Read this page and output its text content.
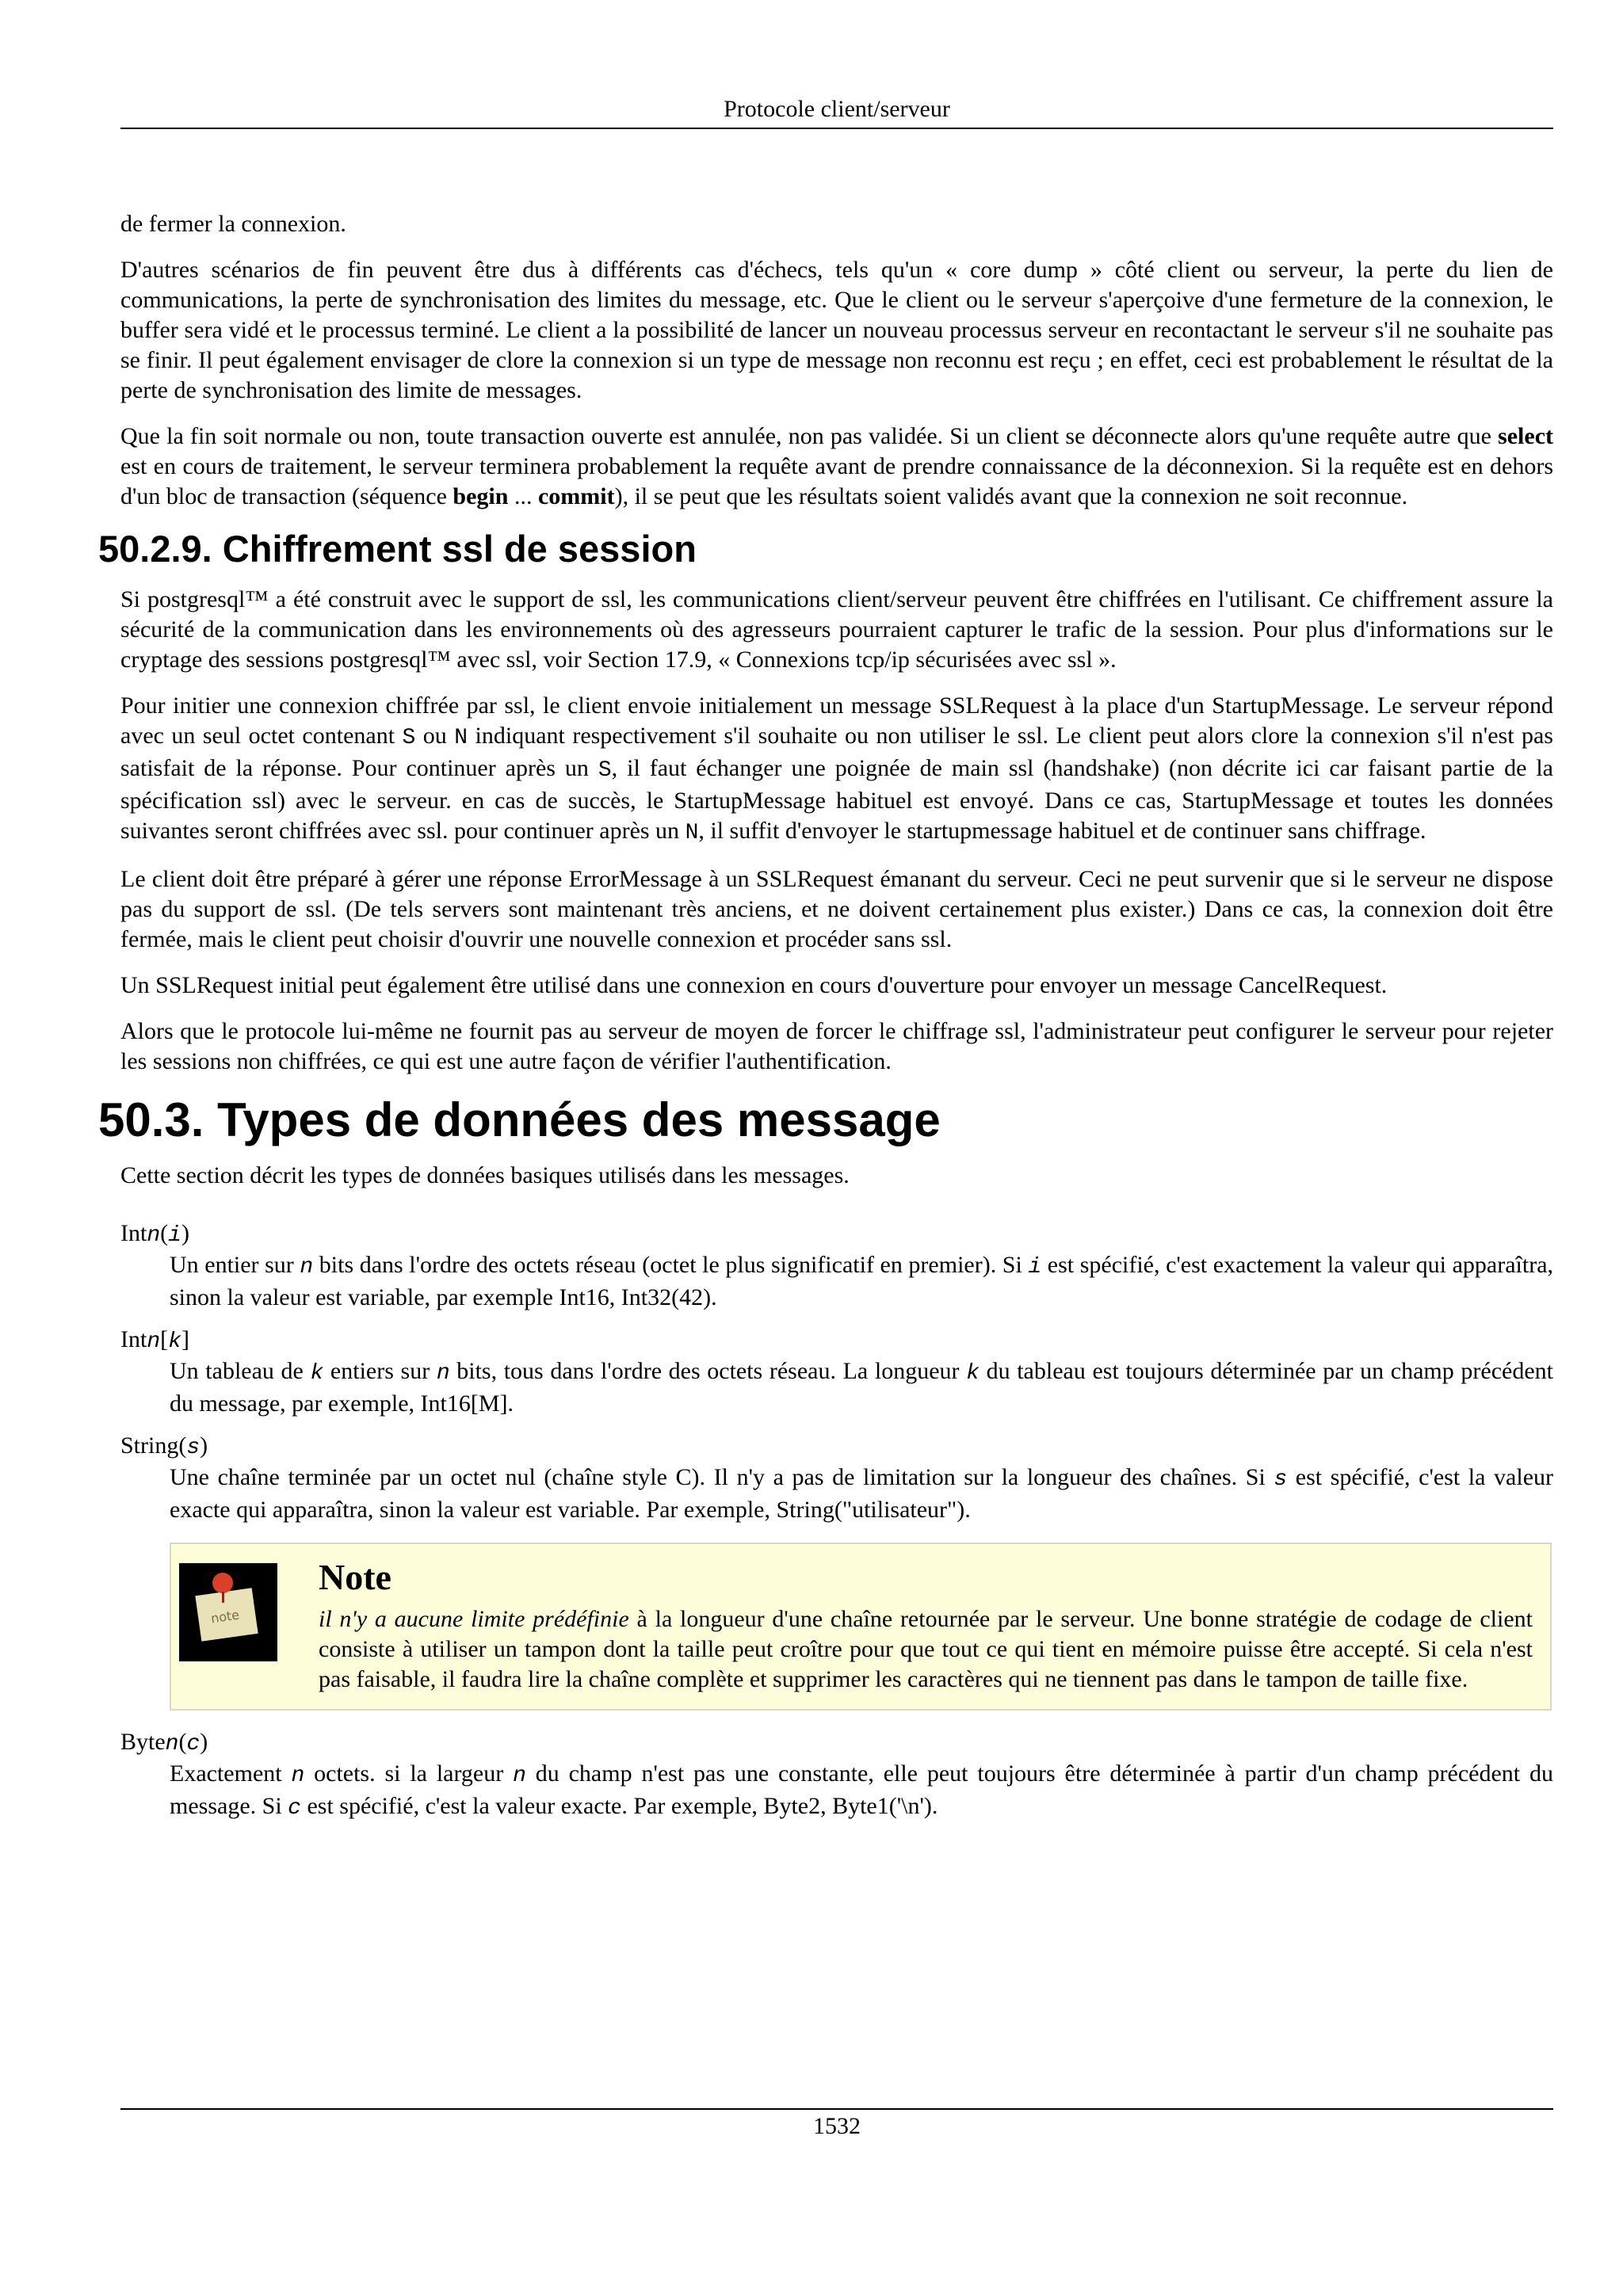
Protocole client/serveur

de fermer la connexion.

D'autres scénarios de fin peuvent être dus à différents cas d'échecs, tels qu'un « core dump » côté client ou serveur, la perte du lien de communications, la perte de synchronisation des limites du message, etc. Que le client ou le serveur s'aperçoive d'une fermeture de la connexion, le buffer sera vidé et le processus terminé. Le client a la possibilité de lancer un nouveau processus serveur en recontactant le serveur s'il ne souhaite pas se finir. Il peut également envisager de clore la connexion si un type de message non reconnu est reçu ; en effet, ceci est probablement le résultat de la perte de synchronisation des limite de messages.

Que la fin soit normale ou non, toute transaction ouverte est annulée, non pas validée. Si un client se déconnecte alors qu'une requête autre que select est en cours de traitement, le serveur terminera probablement la requête avant de prendre connaissance de la déconnexion. Si la requête est en dehors d'un bloc de transaction (séquence begin ... commit), il se peut que les résultats soient validés avant que la connexion ne soit reconnue.

50.2.9. Chiffrement ssl de session

Si postgresql™ a été construit avec le support de ssl, les communications client/serveur peuvent être chiffrées en l'utilisant. Ce chiffrement assure la sécurité de la communication dans les environnements où des agresseurs pourraient capturer le trafic de la session. Pour plus d'informations sur le cryptage des sessions postgresql™ avec ssl, voir Section 17.9, « Connexions tcp/ip sécurisées avec ssl ».

Pour initier une connexion chiffrée par ssl, le client envoie initialement un message SSLRequest à la place d'un StartupMessage. Le serveur répond avec un seul octet contenant S ou N indiquant respectivement s'il souhaite ou non utiliser le ssl. Le client peut alors clore la connexion s'il n'est pas satisfait de la réponse. Pour continuer après un S, il faut échanger une poignée de main ssl (handshake) (non décrite ici car faisant partie de la spécification ssl) avec le serveur. en cas de succès, le StartupMessage habituel est envoyé. Dans ce cas, StartupMessage et toutes les données suivantes seront chiffrées avec ssl. pour continuer après un N, il suffit d'envoyer le startupmessage habituel et de continuer sans chiffrage.

Le client doit être préparé à gérer une réponse ErrorMessage à un SSLRequest émanant du serveur. Ceci ne peut survenir que si le serveur ne dispose pas du support de ssl. (De tels servers sont maintenant très anciens, et ne doivent certainement plus exister.) Dans ce cas, la connexion doit être fermée, mais le client peut choisir d'ouvrir une nouvelle connexion et procéder sans ssl.

Un SSLRequest initial peut également être utilisé dans une connexion en cours d'ouverture pour envoyer un message CancelRequest.

Alors que le protocole lui-même ne fournit pas au serveur de moyen de forcer le chiffrage ssl, l'administrateur peut configurer le serveur pour rejeter les sessions non chiffrées, ce qui est une autre façon de vérifier l'authentification.

50.3. Types de données des message

Cette section décrit les types de données basiques utilisés dans les messages.

Intn(i)
Un entier sur n bits dans l'ordre des octets réseau (octet le plus significatif en premier). Si i est spécifié, c'est exactement la valeur qui apparaîtra, sinon la valeur est variable, par exemple Int16, Int32(42).
Intn[k]
Un tableau de k entiers sur n bits, tous dans l'ordre des octets réseau. La longueur k du tableau est toujours déterminée par un champ précédent du message, par exemple, Int16[M].
String(s)
Une chaîne terminée par un octet nul (chaîne style C). Il n'y a pas de limitation sur la longueur des chaînes. Si s est spécifié, c'est la valeur exacte qui apparaîtra, sinon la valeur est variable. Par exemple, String("utilisateur").
note
Note

il n'y a aucune limite prédéfinie à la longueur d'une chaîne retournée par le serveur. Une bonne stratégie de codage de client consiste à utiliser un tampon dont la taille peut croître pour que tout ce qui tient en mémoire puisse être accepté. Si cela n'est pas faisable, il faudra lire la chaîne complète et supprimer les caractères qui ne tiennent pas dans le tampon de taille fixe.

Byten(c)
Exactement n octets. si la largeur n du champ n'est pas une constante, elle peut toujours être déterminée à partir d'un champ précédent du message. Si c est spécifié, c'est la valeur exacte. Par exemple, Byte2, Byte1('\n').
1532
